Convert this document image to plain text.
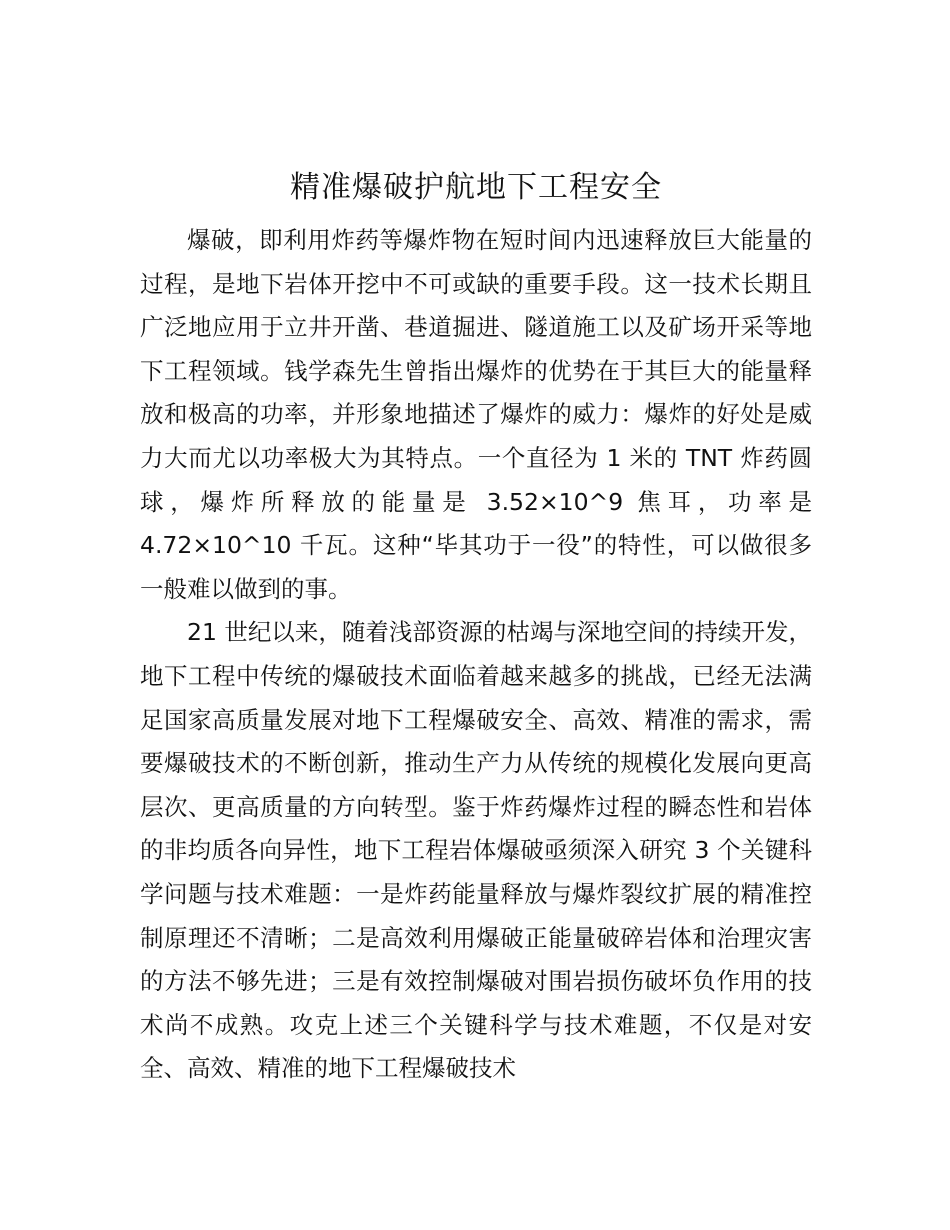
精准爆破护航地下工程安全

爆破，即利用炸药等爆炸物在短时间内迅速释放巨大能量的过程，是地下岩体开挖中不可或缺的重要手段。这一技术长期且广泛地应用于立井开凿、巷道掘进、隧道施工以及矿场开采等地下工程领域。钱学森先生曾指出爆炸的优势在于其巨大的能量释放和极高的功率，并形象地描述了爆炸的威力：爆炸的好处是威力大而尤以功率极大为其特点。一个直径为 1 米的 TNT 炸药圆球，爆炸所释放的能量是 3.52×10^9 焦耳，功率是 4.72×10^10 千瓦。这种“毕其功于一役”的特性，可以做很多一般难以做到的事。

21 世纪以来，随着浅部资源的枯竭与深地空间的持续开发，地下工程中传统的爆破技术面临着越来越多的挑战，已经无法满足国家高质量发展对地下工程爆破安全、高效、精准的需求，需要爆破技术的不断创新，推动生产力从传统的规模化发展向更高层次、更高质量的方向转型。鉴于炸药爆炸过程的瞬态性和岩体的非均质各向异性，地下工程岩体爆破亟须深入研究 3 个关键科学问题与技术难题：一是炸药能量释放与爆炸裂纹扩展的精准控制原理还不清晰；二是高效利用爆破正能量破碎岩体和治理灾害的方法不够先进；三是有效控制爆破对围岩损伤破坏负作用的技术尚不成熟。攻克上述三个关键科学与技术难题，不仅是对安全、高效、精准的地下工程爆破技术
